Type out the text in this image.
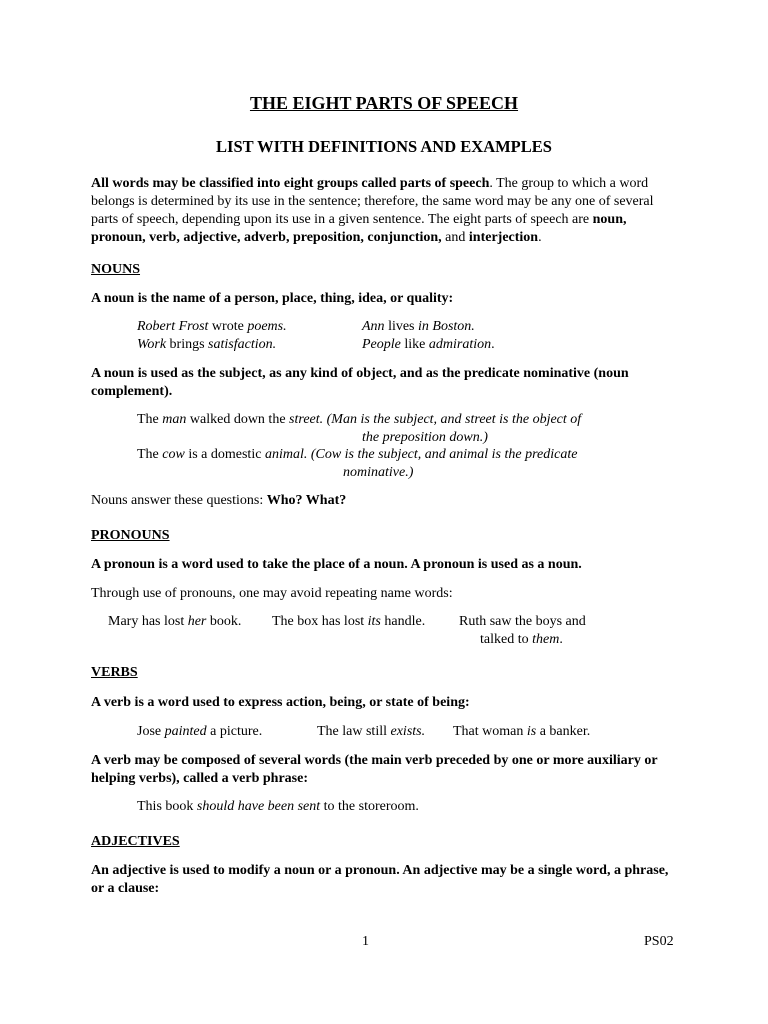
THE EIGHT PARTS OF SPEECH
LIST WITH DEFINITIONS AND EXAMPLES
All words may be classified into eight groups called parts of speech. The group to which a word belongs is determined by its use in the sentence; therefore, the same word may be any one of several parts of speech, depending upon its use in a given sentence. The eight parts of speech are noun, pronoun, verb, adjective, adverb, preposition, conjunction, and interjection.
NOUNS
A noun is the name of a person, place, thing, idea, or quality:
Robert Frost wrote poems.	Ann lives in Boston.
Work brings satisfaction.	People like admiration.
A noun is used as the subject, as any kind of object, and as the predicate nominative (noun complement).
The man walked down the street. (Man is the subject, and street is the object of
the preposition down.)
The cow is a domestic animal. (Cow is the subject, and animal is the predicate
nominative.)
Nouns answer these questions: Who? What?
PRONOUNS
A pronoun is a word used to take the place of a noun. A pronoun is used as a noun.
Through use of pronouns, one may avoid repeating name words:
Mary has lost her book. The box has lost its handle. Ruth saw the boys and
talked to them.
VERBS
A verb is a word used to express action, being, or state of being:
Jose painted a picture.	The law still exists. That woman is a banker.
A verb may be composed of several words (the main verb preceded by one or more auxiliary or helping verbs), called a verb phrase:
This book should have been sent to the storeroom.
ADJECTIVES
An adjective is used to modify a noun or a pronoun. An adjective may be a single word, a phrase, or a clause:
1	PS02
